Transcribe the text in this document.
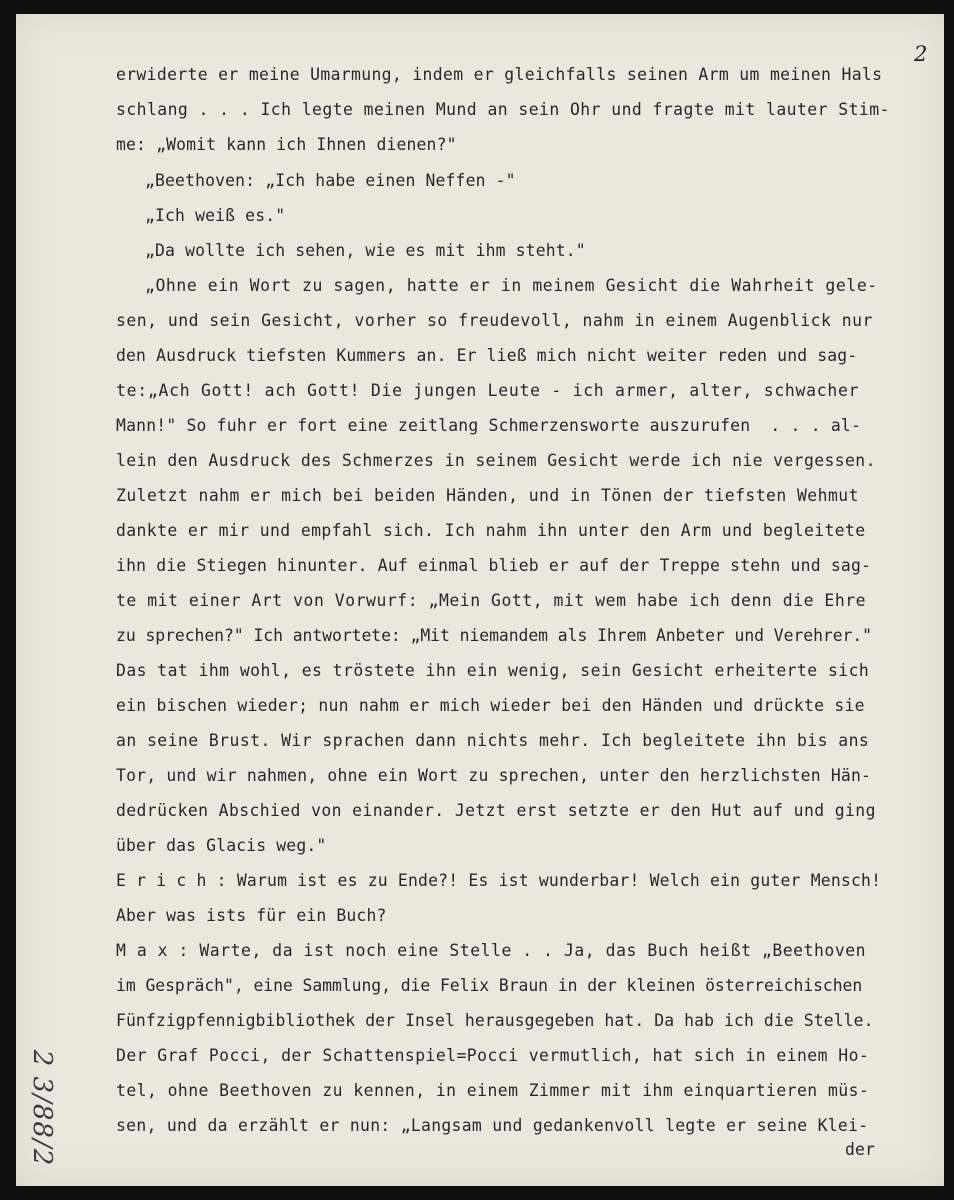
2
2 3/88/2
erwiderte er meine Umarmung, indem er gleichfalls seinen Arm um meinen Hals
schlang . . . Ich legte meinen Mund an sein Ohr und fragte mit lauter Stim-
me: „Womit kann ich Ihnen dienen?"
„Beethoven: „Ich habe einen Neffen -"
„Ich weiß es."
„Da wollte ich sehen, wie es mit ihm steht."
„Ohne ein Wort zu sagen, hatte er in meinem Gesicht die Wahrheit gele-
sen, und sein Gesicht, vorher so freudevoll, nahm in einem Augenblick nur
den Ausdruck tiefsten Kummers an. Er ließ mich nicht weiter reden und sag-
te:„Ach Gott! ach Gott! Die jungen Leute - ich armer, alter, schwacher
Mann!" So fuhr er fort eine zeitlang Schmerzensworte auszurufen  . . . al-
lein den Ausdruck des Schmerzes in seinem Gesicht werde ich nie vergessen.
Zuletzt nahm er mich bei beiden Händen, und in Tönen der tiefsten Wehmut
dankte er mir und empfahl sich. Ich nahm ihn unter den Arm und begleitete
ihn die Stiegen hinunter. Auf einmal blieb er auf der Treppe stehn und sag-
te mit einer Art von Vorwurf: „Mein Gott, mit wem habe ich denn die Ehre
zu sprechen?" Ich antwortete: „Mit niemandem als Ihrem Anbeter und Verehrer."
Das tat ihm wohl, es tröstete ihn ein wenig, sein Gesicht erheiterte sich
ein bischen wieder; nun nahm er mich wieder bei den Händen und drückte sie
an seine Brust. Wir sprachen dann nichts mehr. Ich begleitete ihn bis ans
Tor, und wir nahmen, ohne ein Wort zu sprechen, unter den herzlichsten Hän-
dedrücken Abschied von einander. Jetzt erst setzte er den Hut auf und ging
über das Glacis weg."
E r i c h : Warum ist es zu Ende?! Es ist wunderbar! Welch ein guter Mensch!
Aber was ists für ein Buch?
M a x : Warte, da ist noch eine Stelle . . Ja, das Buch heißt „Beethoven
im Gespräch", eine Sammlung, die Felix Braun in der kleinen österreichischen
Fünfzigpfennigbibliothek der Insel herausgegeben hat. Da hab ich die Stelle.
Der Graf Pocci, der Schattenspiel=Pocci vermutlich, hat sich in einem Ho-
tel, ohne Beethoven zu kennen, in einem Zimmer mit ihm einquartieren müs-
sen, und da erzählt er nun: „Langsam und gedankenvoll legte er seine Klei-
der
